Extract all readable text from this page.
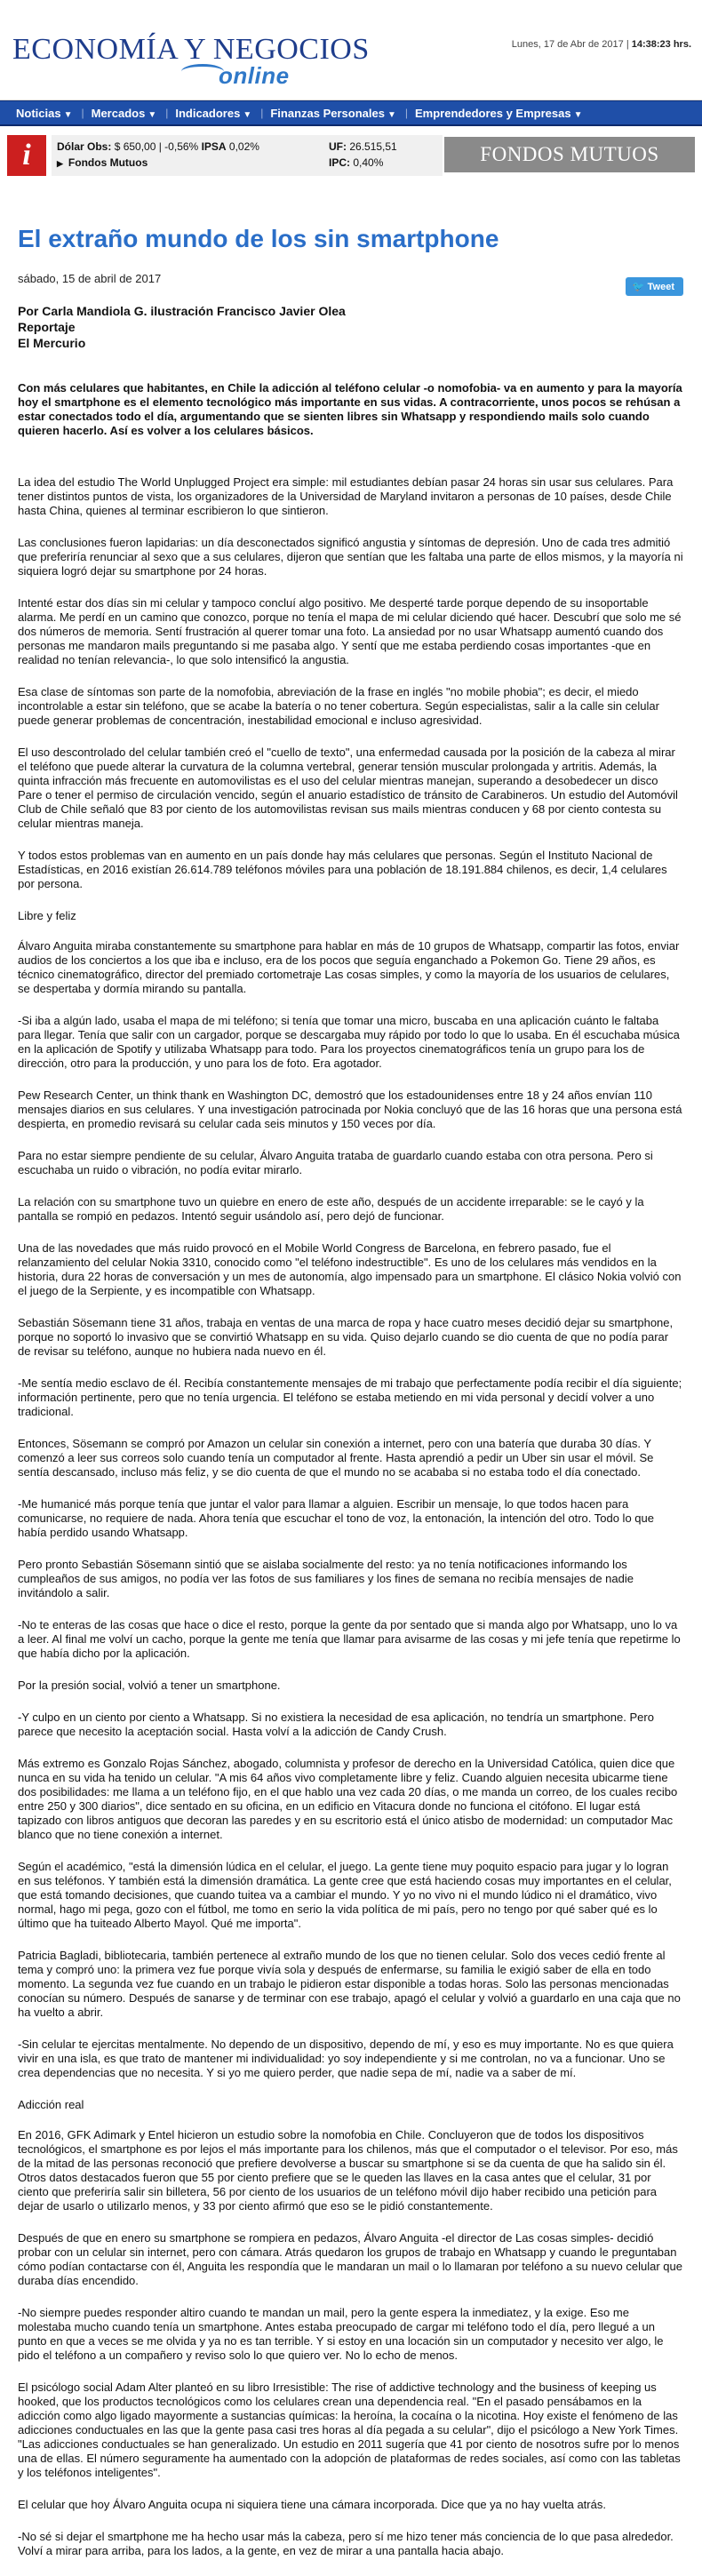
ECONOMÍA Y NEGOCIOS
online
Lunes, 17 de Abr de 2017 | 14:38:23 hrs.
Noticias ▼ | Mercados ▼ | Indicadores ▼ | Finanzas Personales ▼ | Emprendedores y Empresas ▼
i	Dólar Obs: $ 650,00 | -0,56% IPSA 0,02%
▶ Fondos Mutuos
UF: 26.515,51
IPC: 0,40%	FONDOS MUTUOS
El extraño mundo de los sin smartphone
sábado, 15 de abril de 2017
🐦 Tweet
Por Carla Mandiola G. ilustración Francisco Javier Olea
Reportaje
El Mercurio
Con más celulares que habitantes, en Chile la adicción al teléfono celular -o nomofobia- va en aumento y para la mayoría hoy el smartphone es el elemento tecnológico más importante en sus vidas. A contracorriente, unos pocos se rehúsan a estar conectados todo el día, argumentando que se sienten libres sin Whatsapp y respondiendo mails solo cuando quieren hacerlo. Así es volver a los celulares básicos.

La idea del estudio The World Unplugged Project era simple: mil estudiantes debían pasar 24 horas sin usar sus celulares. Para tener distintos puntos de vista, los organizadores de la Universidad de Maryland invitaron a personas de 10 países, desde Chile hasta China, quienes al terminar escribieron lo que sintieron.

Las conclusiones fueron lapidarias: un día desconectados significó angustia y síntomas de depresión. Uno de cada tres admitió que preferiría renunciar al sexo que a sus celulares, dijeron que sentían que les faltaba una parte de ellos mismos, y la mayoría ni siquiera logró dejar su smartphone por 24 horas.

Intenté estar dos días sin mi celular y tampoco concluí algo positivo. Me desperté tarde porque dependo de su insoportable alarma. Me perdí en un camino que conozco, porque no tenía el mapa de mi celular diciendo qué hacer. Descubrí que solo me sé dos números de memoria. Sentí frustración al querer tomar una foto. La ansiedad por no usar Whatsapp aumentó cuando dos personas me mandaron mails preguntando si me pasaba algo. Y sentí que me estaba perdiendo cosas importantes -que en realidad no tenían relevancia-, lo que solo intensificó la angustia.

Esa clase de síntomas son parte de la nomofobia, abreviación de la frase en inglés "no mobile phobia"; es decir, el miedo incontrolable a estar sin teléfono, que se acabe la batería o no tener cobertura. Según especialistas, salir a la calle sin celular puede generar problemas de concentración, inestabilidad emocional e incluso agresividad.

El uso descontrolado del celular también creó el "cuello de texto", una enfermedad causada por la posición de la cabeza al mirar el teléfono que puede alterar la curvatura de la columna vertebral, generar tensión muscular prolongada y artritis. Además, la quinta infracción más frecuente en automovilistas es el uso del celular mientras manejan, superando a desobedecer un disco Pare o tener el permiso de circulación vencido, según el anuario estadístico de tránsito de Carabineros. Un estudio del Automóvil Club de Chile señaló que 83 por ciento de los automovilistas revisan sus mails mientras conducen y 68 por ciento contesta su celular mientras maneja.

Y todos estos problemas van en aumento en un país donde hay más celulares que personas. Según el Instituto Nacional de Estadísticas, en 2016 existían 26.614.789 teléfonos móviles para una población de 18.191.884 chilenos, es decir, 1,4 celulares por persona.

Libre y feliz

Álvaro Anguita miraba constantemente su smartphone para hablar en más de 10 grupos de Whatsapp, compartir las fotos, enviar audios de los conciertos a los que iba e incluso, era de los pocos que seguía enganchado a Pokemon Go. Tiene 29 años, es técnico cinematográfico, director del premiado cortometraje Las cosas simples, y como la mayoría de los usuarios de celulares, se despertaba y dormía mirando su pantalla.

-Si iba a algún lado, usaba el mapa de mi teléfono; si tenía que tomar una micro, buscaba en una aplicación cuánto le faltaba para llegar. Tenía que salir con un cargador, porque se descargaba muy rápido por todo lo que lo usaba. En él escuchaba música en la aplicación de Spotify y utilizaba Whatsapp para todo. Para los proyectos cinematográficos tenía un grupo para los de dirección, otro para la producción, y uno para los de foto. Era agotador.

Pew Research Center, un think thank en Washington DC, demostró que los estadounidenses entre 18 y 24 años envían 110 mensajes diarios en sus celulares. Y una investigación patrocinada por Nokia concluyó que de las 16 horas que una persona está despierta, en promedio revisará su celular cada seis minutos y 150 veces por día.

Para no estar siempre pendiente de su celular, Álvaro Anguita trataba de guardarlo cuando estaba con otra persona. Pero si escuchaba un ruido o vibración, no podía evitar mirarlo.

La relación con su smartphone tuvo un quiebre en enero de este año, después de un accidente irreparable: se le cayó y la pantalla se rompió en pedazos. Intentó seguir usándolo así, pero dejó de funcionar.

Una de las novedades que más ruido provocó en el Mobile World Congress de Barcelona, en febrero pasado, fue el relanzamiento del celular Nokia 3310, conocido como "el teléfono indestructible". Es uno de los celulares más vendidos en la historia, dura 22 horas de conversación y un mes de autonomía, algo impensado para un smartphone. El clásico Nokia volvió con el juego de la Serpiente, y es incompatible con Whatsapp.

Sebastián Sösemann tiene 31 años, trabaja en ventas de una marca de ropa y hace cuatro meses decidió dejar su smartphone, porque no soportó lo invasivo que se convirtió Whatsapp en su vida. Quiso dejarlo cuando se dio cuenta de que no podía parar de revisar su teléfono, aunque no hubiera nada nuevo en él.

-Me sentía medio esclavo de él. Recibía constantemente mensajes de mi trabajo que perfectamente podía recibir el día siguiente; información pertinente, pero que no tenía urgencia. El teléfono se estaba metiendo en mi vida personal y decidí volver a uno tradicional.

Entonces, Sösemann se compró por Amazon un celular sin conexión a internet, pero con una batería que duraba 30 días. Y comenzó a leer sus correos solo cuando tenía un computador al frente. Hasta aprendió a pedir un Uber sin usar el móvil. Se sentía descansado, incluso más feliz, y se dio cuenta de que el mundo no se acababa si no estaba todo el día conectado.

-Me humanicé más porque tenía que juntar el valor para llamar a alguien. Escribir un mensaje, lo que todos hacen para comunicarse, no requiere de nada. Ahora tenía que escuchar el tono de voz, la entonación, la intención del otro. Todo lo que había perdido usando Whatsapp.

Pero pronto Sebastián Sösemann sintió que se aislaba socialmente del resto: ya no tenía notificaciones informando los cumpleaños de sus amigos, no podía ver las fotos de sus familiares y los fines de semana no recibía mensajes de nadie invitándolo a salir.

-No te enteras de las cosas que hace o dice el resto, porque la gente da por sentado que si manda algo por Whatsapp, uno lo va a leer. Al final me volví un cacho, porque la gente me tenía que llamar para avisarme de las cosas y mi jefe tenía que repetirme lo que había dicho por la aplicación.

Por la presión social, volvió a tener un smartphone.

-Y culpo en un ciento por ciento a Whatsapp. Si no existiera la necesidad de esa aplicación, no tendría un smartphone. Pero parece que necesito la aceptación social. Hasta volví a la adicción de Candy Crush.

Más extremo es Gonzalo Rojas Sánchez, abogado, columnista y profesor de derecho en la Universidad Católica, quien dice que nunca en su vida ha tenido un celular. "A mis 64 años vivo completamente libre y feliz. Cuando alguien necesita ubicarme tiene dos posibilidades: me llama a un teléfono fijo, en el que hablo una vez cada 20 días, o me manda un correo, de los cuales recibo entre 250 y 300 diarios", dice sentado en su oficina, en un edificio en Vitacura donde no funciona el citófono. El lugar está tapizado con libros antiguos que decoran las paredes y en su escritorio está el único atisbo de modernidad: un computador Mac blanco que no tiene conexión a internet.

Según el académico, "está la dimensión lúdica en el celular, el juego. La gente tiene muy poquito espacio para jugar y lo logran en sus teléfonos. Y también está la dimensión dramática. La gente cree que está haciendo cosas muy importantes en el celular, que está tomando decisiones, que cuando tuitea va a cambiar el mundo. Y yo no vivo ni el mundo lúdico ni el dramático, vivo normal, hago mi pega, gozo con el fútbol, me tomo en serio la vida política de mi país, pero no tengo por qué saber qué es lo último que ha tuiteado Alberto Mayol. Qué me importa".

Patricia Bagladi, bibliotecaria, también pertenece al extraño mundo de los que no tienen celular. Solo dos veces cedió frente al tema y compró uno: la primera vez fue porque vivía sola y después de enfermarse, su familia le exigió saber de ella en todo momento. La segunda vez fue cuando en un trabajo le pidieron estar disponible a todas horas. Solo las personas mencionadas conocían su número. Después de sanarse y de terminar con ese trabajo, apagó el celular y volvió a guardarlo en una caja que no ha vuelto a abrir.

-Sin celular te ejercitas mentalmente. No dependo de un dispositivo, dependo de mí, y eso es muy importante. No es que quiera vivir en una isla, es que trato de mantener mi individualidad: yo soy independiente y si me controlan, no va a funcionar. Uno se crea dependencias que no necesita. Y si yo me quiero perder, que nadie sepa de mí, nadie va a saber de mí.

Adicción real

En 2016, GFK Adimark y Entel hicieron un estudio sobre la nomofobia en Chile. Concluyeron que de todos los dispositivos tecnológicos, el smartphone es por lejos el más importante para los chilenos, más que el computador o el televisor. Por eso, más de la mitad de las personas reconoció que prefiere devolverse a buscar su smartphone si se da cuenta de que ha salido sin él. Otros datos destacados fueron que 55 por ciento prefiere que se le queden las llaves en la casa antes que el celular, 31 por ciento que preferiría salir sin billetera, 56 por ciento de los usuarios de un teléfono móvil dijo haber recibido una petición para dejar de usarlo o utilizarlo menos, y 33 por ciento afirmó que eso se le pidió constantemente.

Después de que en enero su smartphone se rompiera en pedazos, Álvaro Anguita -el director de Las cosas simples- decidió probar con un celular sin internet, pero con cámara. Atrás quedaron los grupos de trabajo en Whatsapp y cuando le preguntaban cómo podían contactarse con él, Anguita les respondía que le mandaran un mail o lo llamaran por teléfono a su nuevo celular que duraba días encendido.

-No siempre puedes responder altiro cuando te mandan un mail, pero la gente espera la inmediatez, y la exige. Eso me molestaba mucho cuando tenía un smartphone. Antes estaba preocupado de cargar mi teléfono todo el día, pero llegué a un punto en que a veces se me olvida y ya no es tan terrible. Y si estoy en una locación sin un computador y necesito ver algo, le pido el teléfono a un compañero y reviso solo lo que quiero ver. No lo echo de menos.

El psicólogo social Adam Alter planteó en su libro Irresistible: The rise of addictive technology and the business of keeping us hooked, que los productos tecnológicos como los celulares crean una dependencia real. "En el pasado pensábamos en la adicción como algo ligado mayormente a sustancias químicas: la heroína, la cocaína o la nicotina. Hoy existe el fenómeno de las adicciones conductuales en las que la gente pasa casi tres horas al día pegada a su celular", dijo el psicólogo a New York Times. "Las adicciones conductuales se han generalizado. Un estudio en 2011 sugería que 41 por ciento de nosotros sufre por lo menos una de ellas. El número seguramente ha aumentado con la adopción de plataformas de redes sociales, así como con las tabletas y los teléfonos inteligentes".

El celular que hoy Álvaro Anguita ocupa ni siquiera tiene una cámara incorporada. Dice que ya no hay vuelta atrás.

-No sé si dejar el smartphone me ha hecho usar más la cabeza, pero sí me hizo tener más conciencia de lo que pasa alrededor. Volví a mirar para arriba, para los lados, a la gente, en vez de mirar a una pantalla hacia abajo.
